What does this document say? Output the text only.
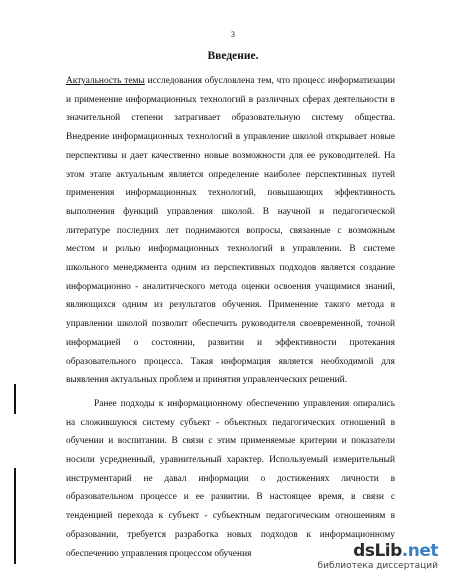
3
Введение.

Актуальность темы исследования обусловлена тем, что процесс информатизации и применение информационных технологий в различных сферах деятельности в значительной степени затрагивает образовательную систему общества. Внедрение информационных технологий в управление школой открывает новые перспективы и дает качественно новые возможности для ее руководителей. На этом этапе актуальным является определение наиболее перспективных путей применения информационных технологий, повышающих эффективность выполнения функций управления школой. В научной и педагогической литературе последних лет поднимаются вопросы, связанные с возможным местом и ролью информационных технологий в управлении. В системе школьного менеджмента одним из перспективных подходов является создание информационно - аналитического метода оценки освоения учащимися знаний, являющихся одним из результатов обучения. Применение такого метода в управлении школой позволит обеспечить руководителя своевременной, точной информацией о состоянии, развитии и эффективности протекания образовательного процесса. Такая информация является необходимой для выявления актуальных проблем и принятия управленческих решений.

Ранее подходы к информационному обеспечению управления опирались на сложившуюся систему субъект - объектных педагогических отношений в обучении и воспитании. В связи с этим применяемые критерии и показатели носили усредненный, уравнительный характер. Используемый измерительный инструментарий не давал информации о достижениях личности в образовательном процессе и ее развитии. В настоящее время, в связи с тенденцией перехода к субъект - субъектным педагогическим отношениям в образовании, требуется разработка новых подходов к информационному обеспечению управления процессом обучения	dsLib.net
библиотека диссертаций
